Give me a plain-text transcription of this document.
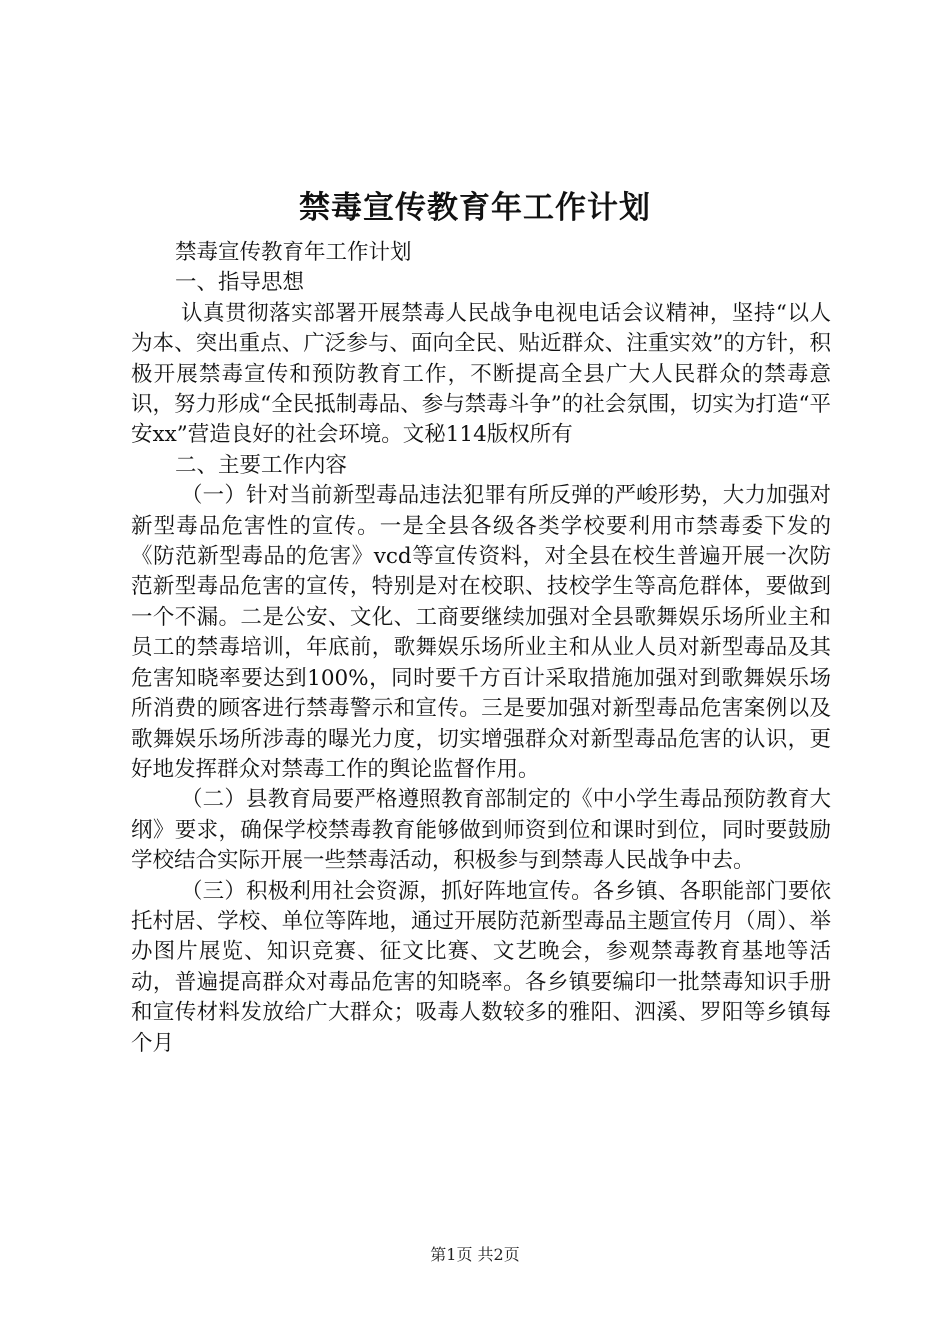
禁毒宣传教育年工作计划

禁毒宣传教育年工作计划

一、指导思想

认真贯彻落实部署开展禁毒人民战争电视电话会议精神，坚持“以人为本、突出重点、广泛参与、面向全民、贴近群众、注重实效”的方针，积极开展禁毒宣传和预防教育工作，不断提高全县广大人民群众的禁毒意识，努力形成“全民抵制毒品、参与禁毒斗争”的社会氛围，切实为打造“平安xx”营造良好的社会环境。文秘114版权所有

二、主要工作内容

（一）针对当前新型毒品违法犯罪有所反弹的严峻形势，大力加强对新型毒品危害性的宣传。一是全县各级各类学校要利用市禁毒委下发的《防范新型毒品的危害》vcd等宣传资料，对全县在校生普遍开展一次防范新型毒品危害的宣传，特别是对在校职、技校学生等高危群体，要做到一个不漏。二是公安、文化、工商要继续加强对全县歌舞娱乐场所业主和员工的禁毒培训，年底前，歌舞娱乐场所业主和从业人员对新型毒品及其危害知晓率要达到100%，同时要千方百计采取措施加强对到歌舞娱乐场所消费的顾客进行禁毒警示和宣传。三是要加强对新型毒品危害案例以及歌舞娱乐场所涉毒的曝光力度，切实增强群众对新型毒品危害的认识，更好地发挥群众对禁毒工作的舆论监督作用。

（二）县教育局要严格遵照教育部制定的《中小学生毒品预防教育大纲》要求，确保学校禁毒教育能够做到师资到位和课时到位，同时要鼓励学校结合实际开展一些禁毒活动，积极参与到禁毒人民战争中去。

（三）积极利用社会资源，抓好阵地宣传。各乡镇、各职能部门要依托村居、学校、单位等阵地，通过开展防范新型毒品主题宣传月（周）、举办图片展览、知识竞赛、征文比赛、文艺晚会，参观禁毒教育基地等活动，普遍提高群众对毒品危害的知晓率。各乡镇要编印一批禁毒知识手册和宣传材料发放给广大群众；吸毒人数较多的雅阳、泗溪、罗阳等乡镇每个月

第1页 共2页
